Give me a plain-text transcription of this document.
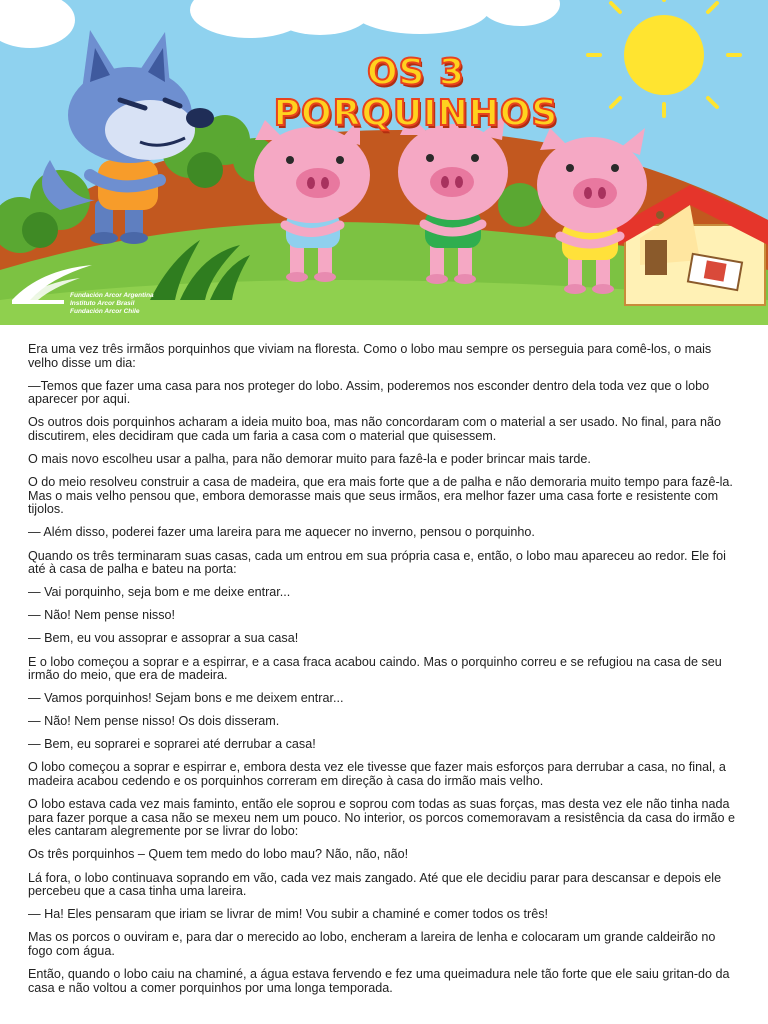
OS 3 PORQUINHOS
Fundación Arcor Argentina
Instituto Arcor Brasil
Fundación Arcor Chile

Era uma vez três irmãos porquinhos que viviam na floresta. Como o lobo mau sempre os perseguia para comê-los, o mais velho disse um dia:

—Temos que fazer uma casa para nos proteger do lobo. Assim, poderemos nos esconder dentro dela toda vez que o lobo aparecer por aqui.

Os outros dois porquinhos acharam a ideia muito boa, mas não concordaram com o material a ser usado. No final, para não discutirem, eles decidiram que cada um faria a casa com o material que quisessem.

O mais novo escolheu usar a palha, para não demorar muito para fazê-la e poder brincar mais tarde.

O do meio resolveu construir a casa de madeira, que era mais forte que a de palha e não demoraria muito tempo para fazê-la. Mas o mais velho pensou que, embora demorasse mais que seus irmãos, era melhor fazer uma casa forte e resistente com tijolos.

— Além disso, poderei fazer uma lareira para me aquecer no inverno, pensou o porquinho.

Quando os três terminaram suas casas, cada um entrou em sua própria casa e, então, o lobo mau apareceu ao redor. Ele foi até à casa de palha e bateu na porta:

— Vai porquinho, seja bom e me deixe entrar...

— Não! Nem pense nisso!

— Bem, eu vou assoprar e assoprar a sua casa!

E o lobo começou a soprar e a espirrar, e a casa fraca acabou caindo. Mas o porquinho correu e se refugiou na casa de seu irmão do meio, que era de madeira.

— Vamos porquinhos! Sejam bons e me deixem entrar...

— Não! Nem pense nisso! Os dois disseram.

— Bem, eu soprarei e soprarei até derrubar a casa!

O lobo começou a soprar e espirrar e, embora desta vez ele tivesse que fazer mais esforços para derrubar a casa, no final, a madeira acabou cedendo e os porquinhos correram em direção à casa do irmão mais velho.

O lobo estava cada vez mais faminto, então ele soprou e soprou com todas as suas forças, mas desta vez ele não tinha nada para fazer porque a casa não se mexeu nem um pouco. No interior, os porcos comemoravam a resistência da casa do irmão e eles cantaram alegremente por se livrar do lobo:

Os três porquinhos – Quem tem medo do lobo mau? Não, não, não!

Lá fora, o lobo continuava soprando em vão, cada vez mais zangado. Até que ele decidiu parar para descansar e depois ele percebeu que a casa tinha uma lareira.

— Ha! Eles pensaram que iriam se livrar de mim! Vou subir a chaminé e comer todos os três!

Mas os porcos o ouviram e, para dar o merecido ao lobo, encheram a lareira de lenha e colocaram um grande caldeirão no fogo com água.

Então, quando o lobo caiu na chaminé, a água estava fervendo e fez uma queimadura nele tão forte que ele saiu gritan-do da casa e não voltou a comer porquinhos por uma longa temporada.
